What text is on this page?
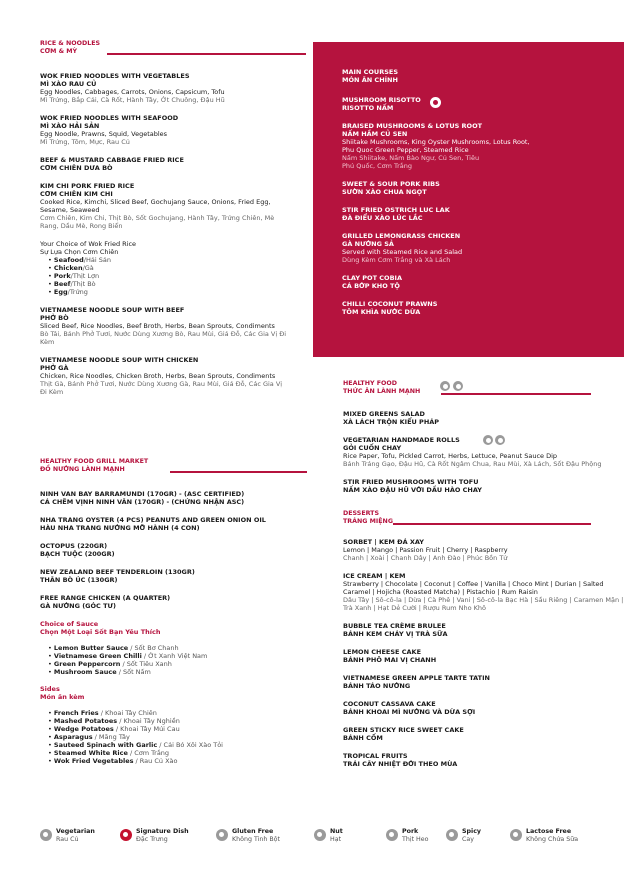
RICE & NOODLES
CƠM & MỲ
WOK FRIED NOODLES WITH VEGETABLES
MÌ XÀO RAU CỦ
Egg Noodles, Cabbages, Carrots, Onions, Capsicum, Tofu
Mì Trứng, Bắp Cải, Cà Rốt, Hành Tây, Ớt Chuông, Đậu Hũ
WOK FRIED NOODLES WITH SEAFOOD
MÌ XÀO HẢI SẢN
Egg Noodle, Prawns, Squid, Vegetables
Mì Trứng, Tôm, Mực, Rau Củ
BEEF & MUSTARD CABBAGE FRIED RICE
CƠM CHIÊN DƯA BÒ
KIM CHI PORK FRIED RICE
CƠM CHIÊN KIM CHI
Cooked Rice, Kimchi, Sliced Beef, Gochujang Sauce, Onions, Fried Egg, Sesame, Seaweed
Cơm Chiên, Kim Chi, Thịt Bò, Sốt Gochujang, Hành Tây, Trứng Chiên, Mè Rang, Dầu Mè, Rong Biển
Your Choice of Wok Fried Rice
Sự Lựa Chọn Cơm Chiên
• Seafood/Hải Sản
• Chicken/Gà
• Pork/Thịt Lợn
• Beef/Thịt Bò
• Egg/Trứng
VIETNAMESE NOODLE SOUP WITH BEEF
PHỞ BÒ
Sliced Beef, Rice Noodles, Beef Broth, Herbs, Bean Sprouts, Condiments
Bò Tái, Bánh Phở Tươi, Nước Dùng Xương Bò, Rau Mùi, Giá Đỗ, Các Gia Vị Đi Kèm
VIETNAMESE NOODLE SOUP WITH CHICKEN
PHỞ GÀ
Chicken, Rice Noodles, Chicken Broth, Herbs, Bean Sprouts, Condiments
Thịt Gà, Bánh Phở Tươi, Nước Dùng Xương Gà, Rau Mùi, Giá Đỗ, Các Gia Vị Đi Kèm
HEALTHY FOOD GRILL MARKET
ĐỒ NƯỚNG LÀNH MẠNH
NINH VAN BAY BARRAMUNDI (170GR) - (ASC CERTIFIED)
CÁ CHẼM VỊNH NINH VÂN (170GR) - (CHỨNG NHẬN ASC)
NHA TRANG OYSTER (4 PCS) PEANUTS AND GREEN ONION OIL
HÀU NHA TRANG NƯỚNG MỠ HÀNH (4 CON)
OCTOPUS (220GR)
BẠCH TUỘC (200GR)
NEW ZEALAND BEEF TENDERLOIN (130GR)
THĂN BÒ ÚC (130GR)
FREE RANGE CHICKEN (A QUARTER)
GÀ NƯỚNG (GÓC TƯ)
Choice of Sauce
Chọn Một Loại Sốt Bạn Yêu Thích
• Lemon Butter Sauce / Sốt Bơ Chanh
• Vietnamese Green Chilli / Ớt Xanh Việt Nam
• Green Peppercorn / Sốt Tiêu Xanh
• Mushroom Sauce / Sốt Nấm
Sides
Món ăn kèm
• French Fries / Khoai Tây Chiên
• Mashed Potatoes / Khoai Tây Nghiền
• Wedge Potatoes / Khoai Tây Múi Cau
• Asparagus / Măng Tây
• Sauteed Spinach with Garlic / Cải Bó Xôi Xào Tỏi
• Steamed White Rice / Cơm Trắng
• Wok Fried Vegetables / Rau Củ Xào
MAIN COURSES
MÓN ĂN CHÍNH
MUSHROOM RISOTTO
RISOTTO NẤM
BRAISED MUSHROOMS & LOTUS ROOT
NẤM HẦM CỦ SEN
Shiitake Mushrooms, King Oyster Mushrooms, Lotus Root, Phu Quoc Green Pepper, Steamed Rice
Nấm Shiitake, Nấm Bào Ngư, Củ Sen, Tiêu Phú Quốc, Cơm Trắng
SWEET & SOUR PORK RIBS
SƯỜN XÀO CHUA NGỌT
STIR FRIED OSTRICH LUC LAK
ĐÀ ĐIỂU XÀO LÚC LẮC
GRILLED LEMONGRASS CHICKEN
GÀ NƯỚNG SẢ
Served with Steamed Rice and Salad
Dùng Kèm Cơm Trắng và Xà Lách
CLAY POT COBIA
CÁ BỚP KHO TỘ
CHILLI COCONUT PRAWNS
TÔM KHÌA NƯỚC DỪA
HEALTHY FOOD
THỨC ĂN LÀNH MẠNH
MIXED GREENS SALAD
XÀ LÁCH TRỘN KIỂU PHÁP
VEGETARIAN HANDMADE ROLLS
GỎI CUỐN CHAY
Rice Paper, Tofu, Pickled Carrot, Herbs, Lettuce, Peanut Sauce Dip
Bánh Tráng Gạo, Đậu Hũ, Cà Rốt Ngâm Chua, Rau Mùi, Xà Lách, Sốt Đậu Phộng
STIR FRIED MUSHROOMS WITH TOFU
NẤM XÀO ĐẬU HŨ VỚI DẦU HÀO CHAY
DESSERTS
TRÁNG MIỆNG
SORBET | KEM ĐÁ XAY
Lemon | Mango | Passion Fruit | Cherry | Raspberry
Chanh | Xoài | Chanh Dây | Anh Đào | Phúc Bồn Tử
ICE CREAM | KEM
Strawberry | Chocolate | Coconut | Coffee | Vanilla | Choco Mint | Durian | Salted Caramel | Hojicha (Roasted Matcha) | Pistachio | Rum Raisin
Dâu Tây | Sô-cô-la | Dừa | Cà Phê | Vani | Sô-cô-la Bạc Hà | Sầu Riêng | Caramen Mặn | Trà Xanh | Hạt Dẻ Cười | Rượu Rum Nho Khô
BUBBLE TEA CRÈME BRULEE
BÁNH KEM CHÁY VỊ TRÀ SỮA
LEMON CHEESE CAKE
BÁNH PHÔ MAI VỊ CHANH
VIETNAMESE GREEN APPLE TARTE TATIN
BÁNH TÁO NƯỚNG
COCONUT CASSAVA CAKE
BÁNH KHOAI MÌ NƯỚNG VÀ DỪA SỢI
GREEN STICKY RICE SWEET CAKE
BÁNH CỐM
TROPICAL FRUITS
TRÁI CÂY NHIỆT ĐỚI THEO MÙA
Vegetarian
Rau Củ
Signature Dish
Đặc Trưng
Gluten Free
Không Tinh Bột
Nut
Hạt
Pork
Thịt Heo
Spicy
Cay
Lactose Free
Không Chứa Sữa
